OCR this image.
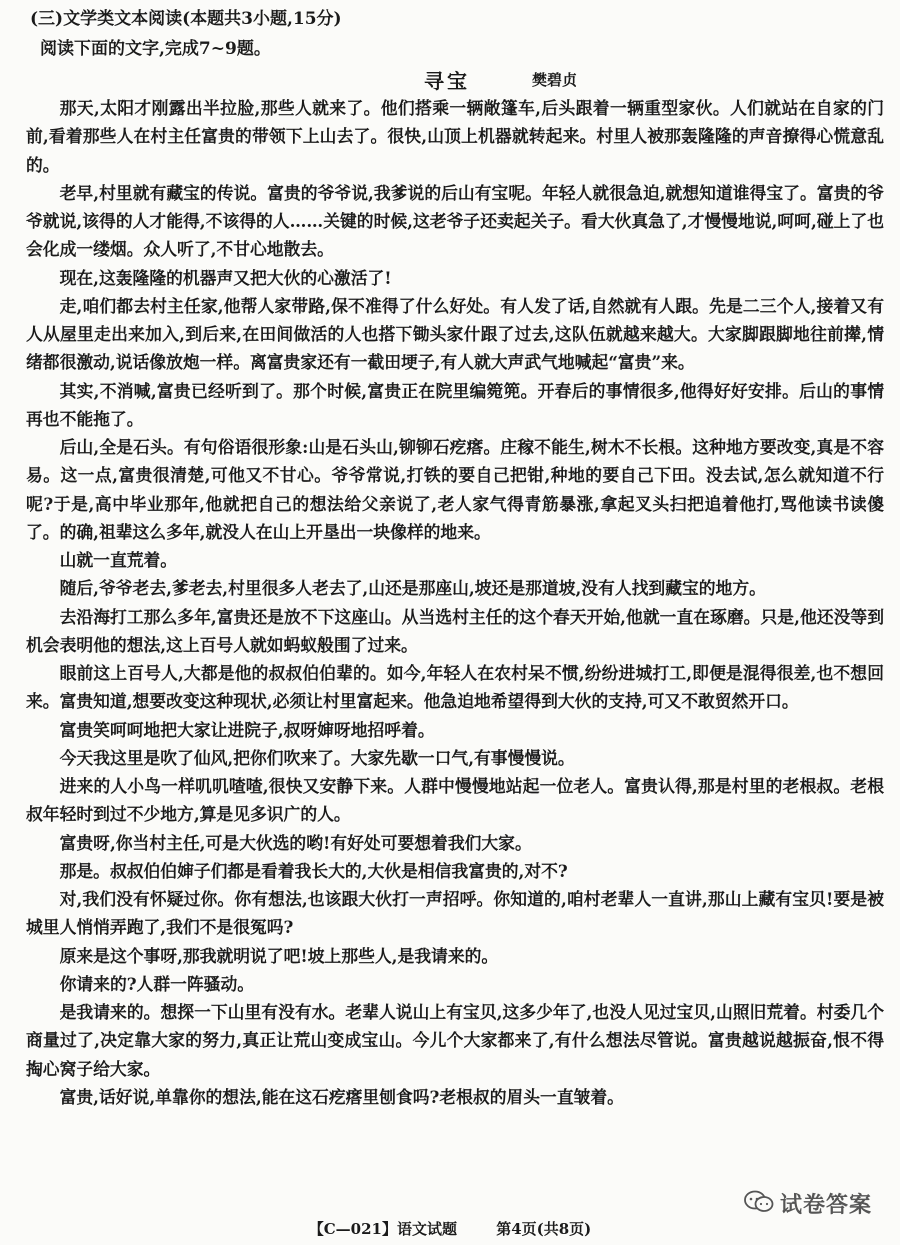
(三)文学类文本阅读(本题共3小题,15分)
阅读下面的文字,完成7~9题。
寻宝	樊碧贞

那天,太阳才刚露出半拉脸,那些人就来了。他们搭乘一辆敞篷车,后头跟着一辆重型家伙。人们就站在自家的门前,看着那些人在村主任富贵的带领下上山去了。很快,山顶上机器就转起来。村里人被那轰隆隆的声音撩得心慌意乱的。

老早,村里就有藏宝的传说。富贵的爷爷说,我爹说的后山有宝呢。年轻人就很急迫,就想知道谁得宝了。富贵的爷爷就说,该得的人才能得,不该得的人……关键的时候,这老爷子还卖起关子。看大伙真急了,才慢慢地说,呵呵,碰上了也会化成一缕烟。众人听了,不甘心地散去。

现在,这轰隆隆的机器声又把大伙的心激活了!

走,咱们都去村主任家,他帮人家带路,保不准得了什么好处。有人发了话,自然就有人跟。先是二三个人,接着又有人从屋里走出来加入,到后来,在田间做活的人也搭下锄头家什跟了过去,这队伍就越来越大。大家脚跟脚地往前撵,情绪都很激动,说话像放炮一样。离富贵家还有一截田埂子,有人就大声武气地喊起“富贵”来。

其实,不消喊,富贵已经听到了。那个时候,富贵正在院里编箢篼。开春后的事情很多,他得好好安排。后山的事情再也不能拖了。

后山,全是石头。有句俗语很形象:山是石头山,铆铆石疙瘩。庄稼不能生,树木不长根。这种地方要改变,真是不容易。这一点,富贵很清楚,可他又不甘心。爷爷常说,打铁的要自己把钳,种地的要自己下田。没去试,怎么就知道不行呢?于是,高中毕业那年,他就把自己的想法给父亲说了,老人家气得青筋暴涨,拿起叉头扫把追着他打,骂他读书读傻了。的确,祖辈这么多年,就没人在山上开垦出一块像样的地来。

山就一直荒着。

随后,爷爷老去,爹老去,村里很多人老去了,山还是那座山,坡还是那道坡,没有人找到藏宝的地方。

去沿海打工那么多年,富贵还是放不下这座山。从当选村主任的这个春天开始,他就一直在琢磨。只是,他还没等到机会表明他的想法,这上百号人就如蚂蚁般围了过来。

眼前这上百号人,大都是他的叔叔伯伯辈的。如今,年轻人在农村呆不惯,纷纷进城打工,即便是混得很差,也不想回来。富贵知道,想要改变这种现状,必须让村里富起来。他急迫地希望得到大伙的支持,可又不敢贸然开口。

富贵笑呵呵地把大家让进院子,叔呀婶呀地招呼着。

今天我这里是吹了仙风,把你们吹来了。大家先歇一口气,有事慢慢说。

进来的人小鸟一样叽叽喳喳,很快又安静下来。人群中慢慢地站起一位老人。富贵认得,那是村里的老根叔。老根叔年轻时到过不少地方,算是见多识广的人。

富贵呀,你当村主任,可是大伙选的哟!有好处可要想着我们大家。

那是。叔叔伯伯婶子们都是看着我长大的,大伙是相信我富贵的,对不?

对,我们没有怀疑过你。你有想法,也该跟大伙打一声招呼。你知道的,咱村老辈人一直讲,那山上藏有宝贝!要是被城里人悄悄弄跑了,我们不是很冤吗?

原来是这个事呀,那我就明说了吧!坡上那些人,是我请来的。

你请来的?人群一阵骚动。

是我请来的。想探一下山里有没有水。老辈人说山上有宝贝,这多少年了,也没人见过宝贝,山照旧荒着。村委几个商量过了,决定靠大家的努力,真正让荒山变成宝山。今儿个大家都来了,有什么想法尽管说。富贵越说越振奋,恨不得掏心窝子给大家。

富贵,话好说,单靠你的想法,能在这石疙瘩里刨食吗?老根叔的眉头一直皱着。

【C—021】语文试题	第4页(共8页)
试卷答案
